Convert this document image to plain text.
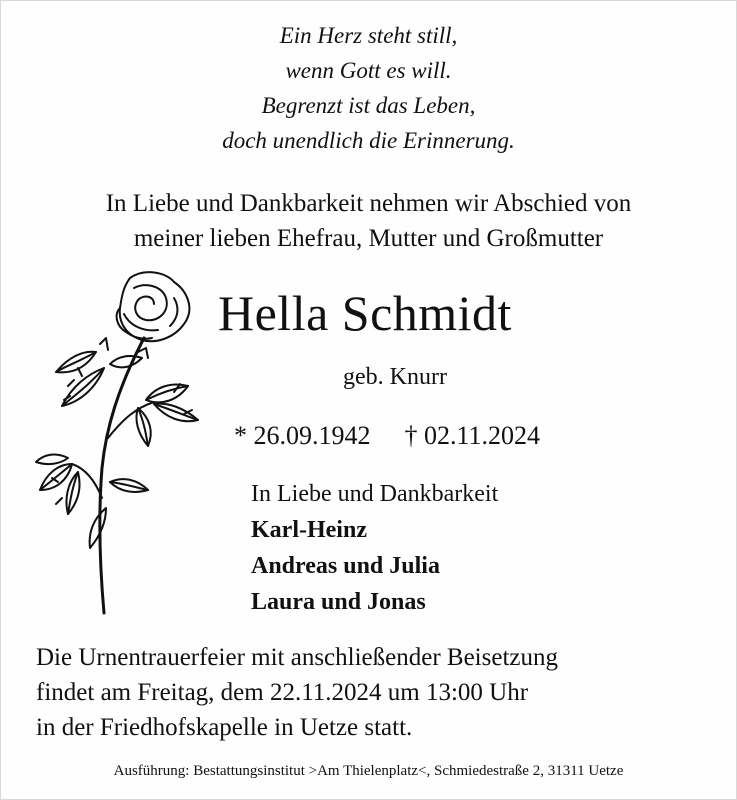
Ein Herz steht still,
wenn Gott es will.
Begrenzt ist das Leben,
doch unendlich die Erinnerung.
In Liebe und Dankbarkeit nehmen wir Abschied von
meiner lieben Ehefrau, Mutter und Großmutter
Hella Schmidt
geb. Knurr
* 26.09.1942 † 02.11.2024
In Liebe und Dankbarkeit
Karl-Heinz
Andreas und Julia
Laura und Jonas
Die Urnentrauerfeier mit anschließender Beisetzung
findet am Freitag, dem 22.11.2024 um 13:00 Uhr
in der Friedhofskapelle in Uetze statt.
Ausführung: Bestattungsinstitut >Am Thielenplatz<, Schmiedestraße 2, 31311 Uetze
